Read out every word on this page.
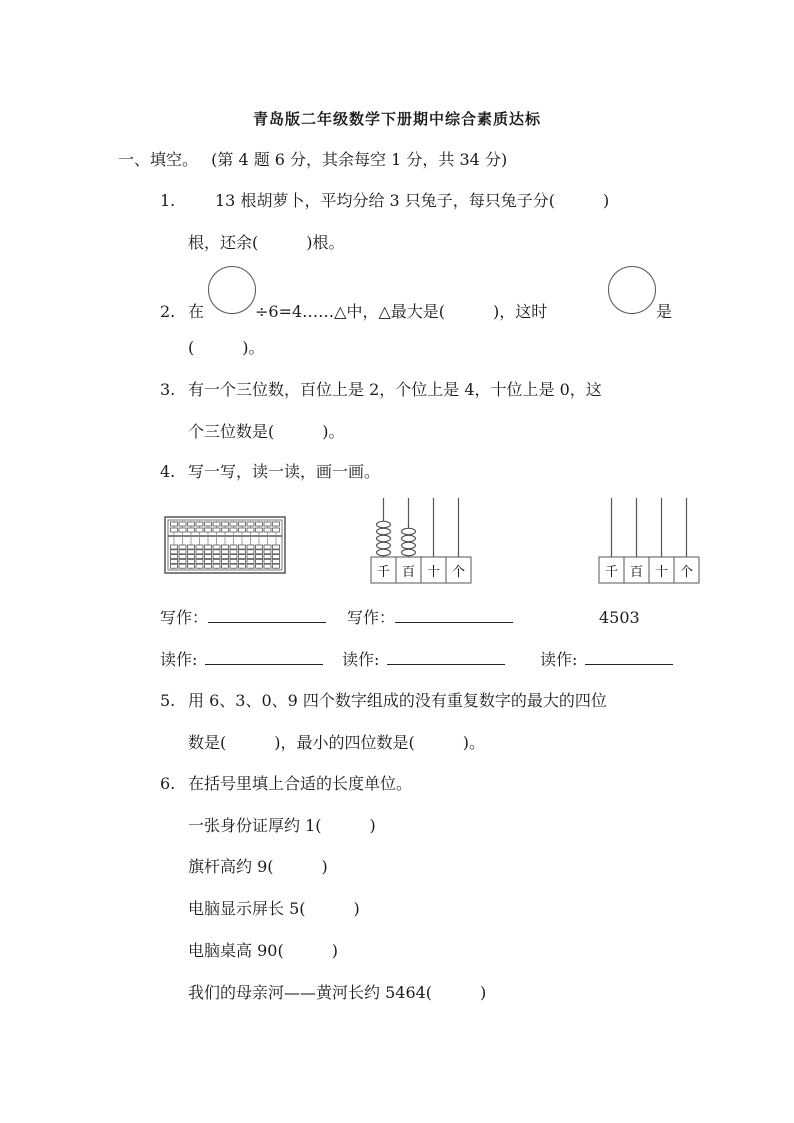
青岛版二年级数学下册期中综合素质达标
一、填空。 (第 4 题 6 分，其余每空 1 分，共 34 分)
1. 13 根胡萝卜，平均分给 3 只兔子，每只兔子分(　　　)
根，还余(　　　)根。
2. 在	÷6=4……△中，△最大是(　　　)，这时	是
(　　　)。
3. 有一个三位数，百位上是 2，个位上是 4，十位上是 0，这
个三位数是(　　　)。
4. 写一写，读一读，画一画。
千 百 十 个	千 百 十 个
写作：	写作：	4503
读作:	读作:	读作:
5. 用 6、3、0、9 四个数字组成的没有重复数字的最大的四位
数是(　　　)，最小的四位数是(　　　)。
6. 在括号里填上合适的长度单位。
一张身份证厚约 1(　　　)
旗杆高约 9(　　　)
电脑显示屏长 5(　　　)
电脑桌高 90(　　　)
我们的母亲河——黄河长约 5464(　　　)
